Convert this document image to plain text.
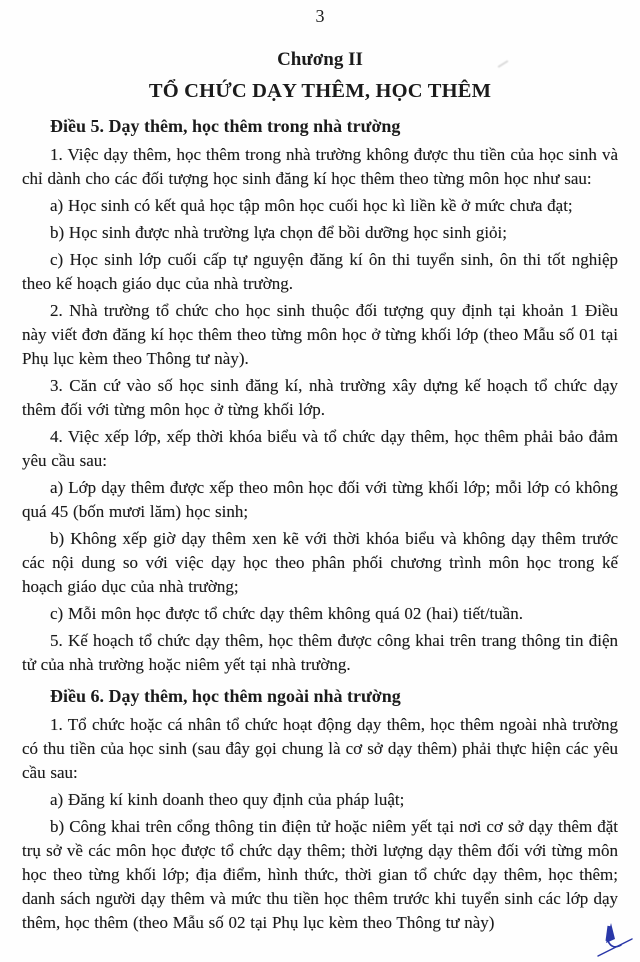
3
Chương II
TỔ CHỨC DẠY THÊM, HỌC THÊM
Điều 5. Dạy thêm, học thêm trong nhà trường

1. Việc dạy thêm, học thêm trong nhà trường không được thu tiền của học sinh và chỉ dành cho các đối tượng học sinh đăng kí học thêm theo từng môn học như sau:

a) Học sinh có kết quả học tập môn học cuối học kì liền kề ở mức chưa đạt;

b) Học sinh được nhà trường lựa chọn để bồi dưỡng học sinh giỏi;

c) Học sinh lớp cuối cấp tự nguyện đăng kí ôn thi tuyển sinh, ôn thi tốt nghiệp theo kế hoạch giáo dục của nhà trường.

2. Nhà trường tổ chức cho học sinh thuộc đối tượng quy định tại khoản 1 Điều này viết đơn đăng kí học thêm theo từng môn học ở từng khối lớp (theo Mẫu số 01 tại Phụ lục kèm theo Thông tư này).

3. Căn cứ vào số học sinh đăng kí, nhà trường xây dựng kế hoạch tổ chức dạy thêm đối với từng môn học ở từng khối lớp.

4. Việc xếp lớp, xếp thời khóa biểu và tổ chức dạy thêm, học thêm phải bảo đảm yêu cầu sau:

a) Lớp dạy thêm được xếp theo môn học đối với từng khối lớp; mỗi lớp có không quá 45 (bốn mươi lăm) học sinh;

b) Không xếp giờ dạy thêm xen kẽ với thời khóa biểu và không dạy thêm trước các nội dung so với việc dạy học theo phân phối chương trình môn học trong kế hoạch giáo dục của nhà trường;

c) Mỗi môn học được tổ chức dạy thêm không quá 02 (hai) tiết/tuần.

5. Kế hoạch tổ chức dạy thêm, học thêm được công khai trên trang thông tin điện tử của nhà trường hoặc niêm yết tại nhà trường.

Điều 6. Dạy thêm, học thêm ngoài nhà trường

1. Tổ chức hoặc cá nhân tổ chức hoạt động dạy thêm, học thêm ngoài nhà trường có thu tiền của học sinh (sau đây gọi chung là cơ sở dạy thêm) phải thực hiện các yêu cầu sau:

a) Đăng kí kinh doanh theo quy định của pháp luật;

b) Công khai trên cổng thông tin điện tử hoặc niêm yết tại nơi cơ sở dạy thêm đặt trụ sở về các môn học được tổ chức dạy thêm; thời lượng dạy thêm đối với từng môn học theo từng khối lớp; địa điểm, hình thức, thời gian tổ chức dạy thêm, học thêm; danh sách người dạy thêm và mức thu tiền học thêm trước khi tuyển sinh các lớp dạy thêm, học thêm (theo Mẫu số 02 tại Phụ lục kèm theo Thông tư này)
